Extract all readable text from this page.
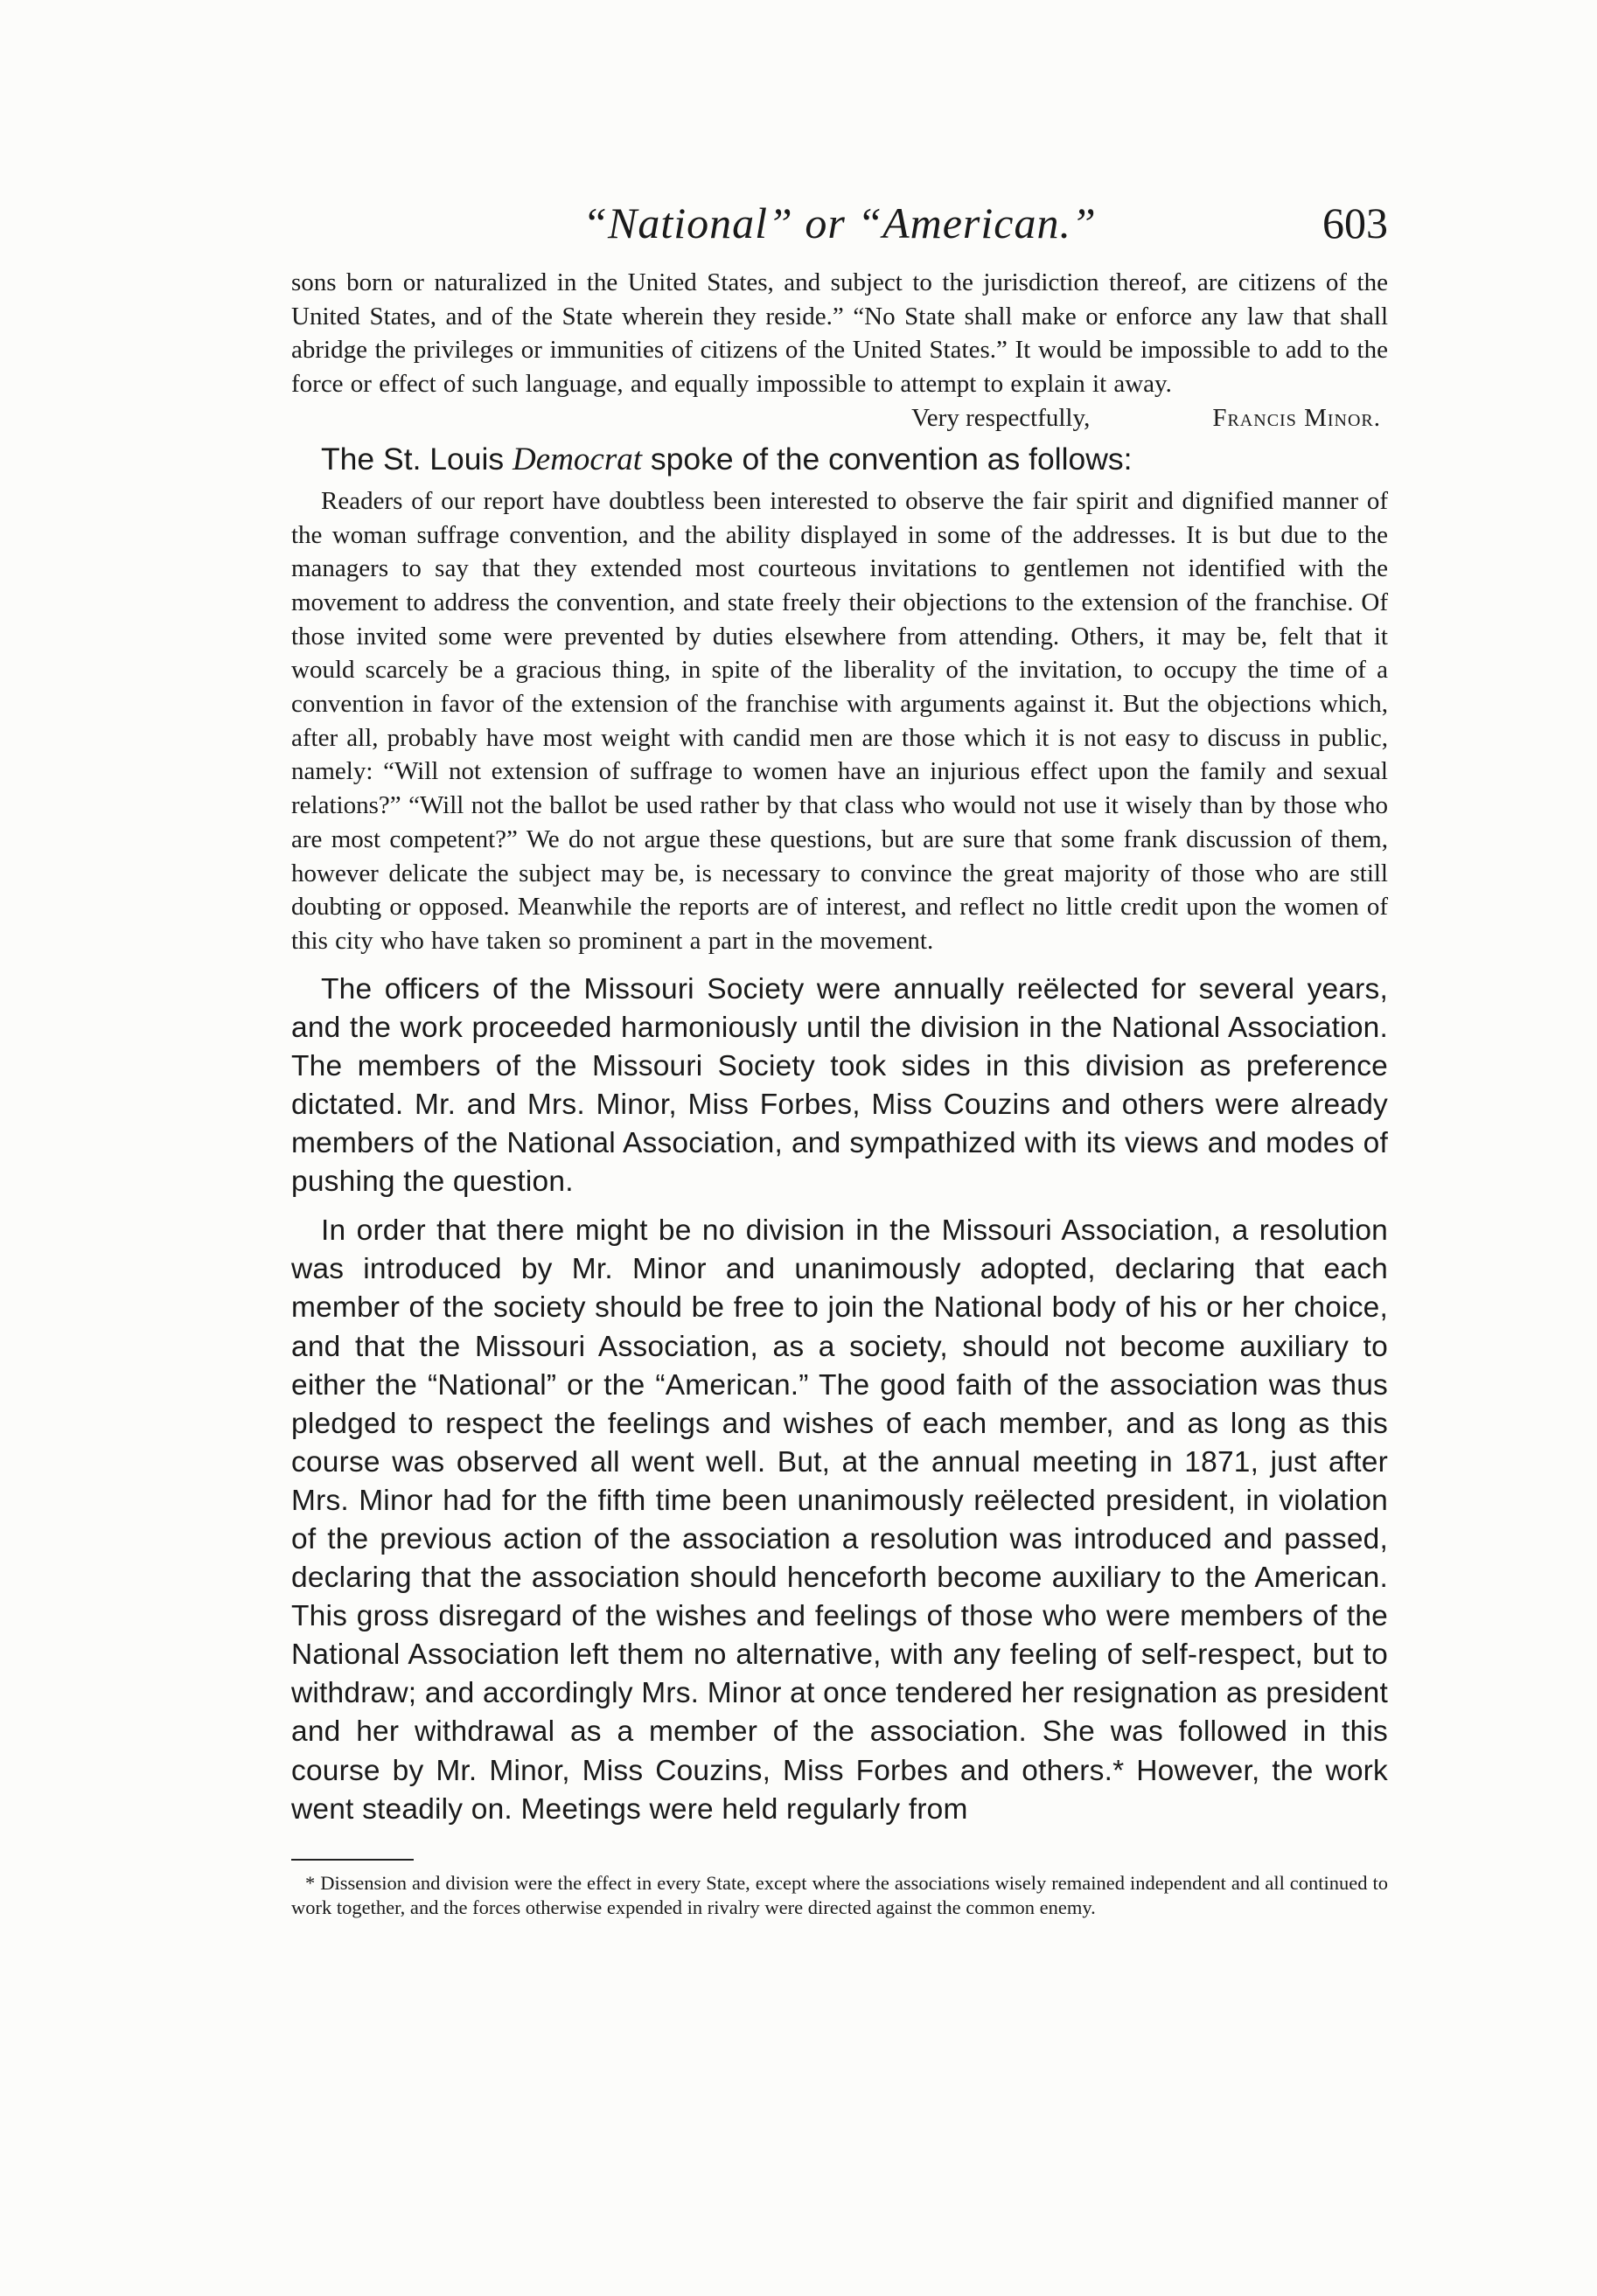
“National” or “American.”	603

sons born or naturalized in the United States, and subject to the jurisdiction thereof, are citizens of the United States, and of the State wherein they reside.” “No State shall make or enforce any law that shall abridge the privileges or immunities of citizens of the United States.” It would be impossible to add to the force or effect of such language, and equally impossible to attempt to explain it away.

Very respectfully,	Francis Minor.

The St. Louis Democrat spoke of the convention as follows:

Readers of our report have doubtless been interested to observe the fair spirit and dignified manner of the woman suffrage convention, and the ability displayed in some of the addresses. It is but due to the managers to say that they extended most courteous invitations to gentlemen not identified with the movement to address the convention, and state freely their objections to the extension of the franchise. Of those invited some were prevented by duties elsewhere from attending. Others, it may be, felt that it would scarcely be a gracious thing, in spite of the liberality of the invitation, to occupy the time of a convention in favor of the extension of the franchise with arguments against it. But the objections which, after all, probably have most weight with candid men are those which it is not easy to discuss in public, namely: “Will not extension of suffrage to women have an injurious effect upon the family and sexual relations?” “Will not the ballot be used rather by that class who would not use it wisely than by those who are most competent?” We do not argue these questions, but are sure that some frank discussion of them, however delicate the subject may be, is necessary to convince the great majority of those who are still doubting or opposed. Meanwhile the reports are of interest, and reflect no little credit upon the women of this city who have taken so prominent a part in the movement.

The officers of the Missouri Society were annually reëlected for several years, and the work proceeded harmoniously until the division in the National Association. The members of the Missouri Society took sides in this division as preference dictated. Mr. and Mrs. Minor, Miss Forbes, Miss Couzins and others were already members of the National Association, and sympathized with its views and modes of pushing the question.

In order that there might be no division in the Missouri Association, a resolution was introduced by Mr. Minor and unanimously adopted, declaring that each member of the society should be free to join the National body of his or her choice, and that the Missouri Association, as a society, should not become auxiliary to either the “National” or the “American.” The good faith of the association was thus pledged to respect the feelings and wishes of each member, and as long as this course was observed all went well. But, at the annual meeting in 1871, just after Mrs. Minor had for the fifth time been unanimously reëlected president, in violation of the previous action of the association a resolution was introduced and passed, declaring that the association should henceforth become auxiliary to the American. This gross disregard of the wishes and feelings of those who were members of the National Association left them no alternative, with any feeling of self-respect, but to withdraw; and accordingly Mrs. Minor at once tendered her resignation as president and her withdrawal as a member of the association. She was followed in this course by Mr. Minor, Miss Couzins, Miss Forbes and others.* However, the work went steadily on. Meetings were held regularly from

* Dissension and division were the effect in every State, except where the associations wisely remained independent and all continued to work together, and the forces otherwise expended in rivalry were directed against the common enemy.
